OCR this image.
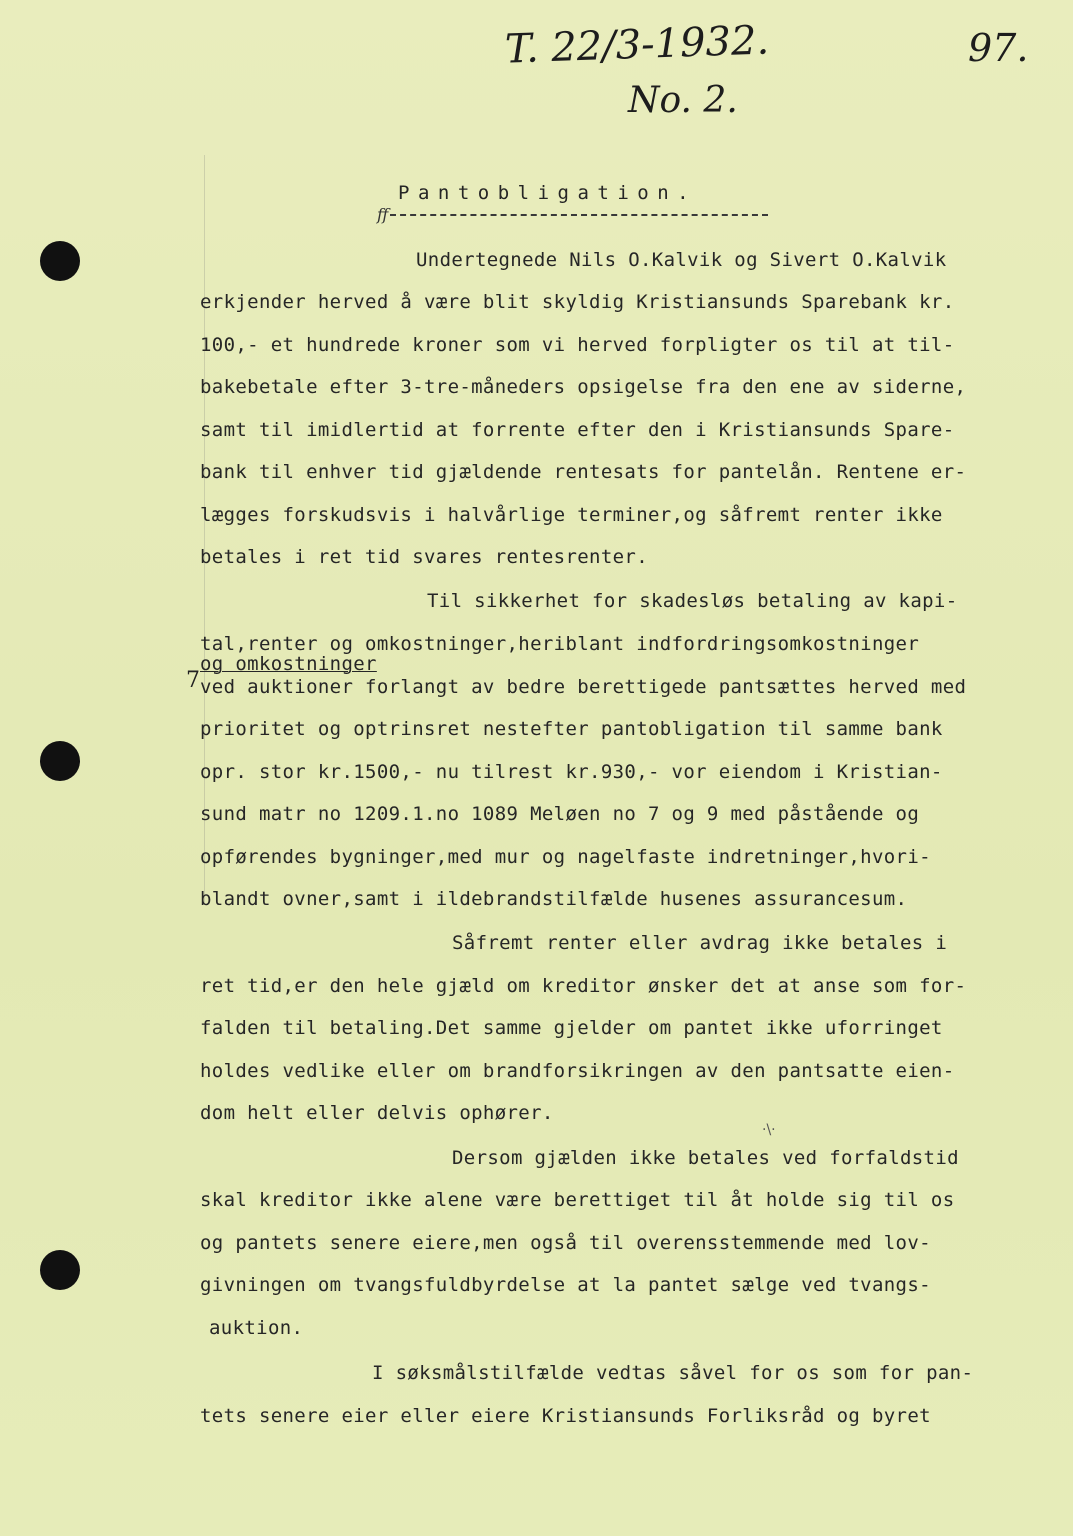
T. 22/3-1932.
No. 2.
97.
Pantobligation.
ff
Undertegnede Nils O.Kalvik og Sivert O.Kalvik
erkjender herved å være blit skyldig Kristiansunds Sparebank kr.
100,- et hundrede kroner som vi herved forpligter os til at til-
bakebetale efter 3-tre-måneders opsigelse fra den ene av siderne,
samt til imidlertid at forrente efter den i Kristiansunds Spare-
bank til enhver tid gjældende rentesats for pantelån. Rentene er-
lægges forskudsvis i halvårlige terminer,og såfremt renter ikke
betales i ret tid svares rentesrenter.
Til sikkerhet for skadesløs betaling av kapi-
tal,renter og omkostninger,heriblant indfordringsomkostninger
og omkostninger
7 ved auktioner forlangt av bedre berettigede pantsættes herved med
prioritet og optrinsret nestefter pantobligation til samme bank
opr. stor kr.1500,- nu tilrest kr.930,- vor eiendom i Kristian-
sund matr no 1209.1.no 1089 Meløen no 7 og 9 med påstående og
opførendes bygninger,med mur og nagelfaste indretninger,hvori-
blandt ovner,samt i ildebrandstilfælde husenes assurancesum.
Såfremt renter eller avdrag ikke betales i
ret tid,er den hele gjæld om kreditor ønsker det at anse som for-
falden til betaling.Det samme gjelder om pantet ikke uforringet
holdes vedlike eller om brandforsikringen av den pantsatte eien-
dom helt eller delvis ophører.
·\·
Dersom gjælden ikke betales ved forfaldstid
skal kreditor ikke alene være berettiget til åt holde sig til os
og pantets senere eiere,men også til overensstemmende med lov-
givningen om tvangsfuldbyrdelse at la pantet sælge ved tvangs-
auktion.
I søksmålstilfælde vedtas såvel for os som for pan-
tets senere eier eller eiere Kristiansunds Forliksråd og byret
